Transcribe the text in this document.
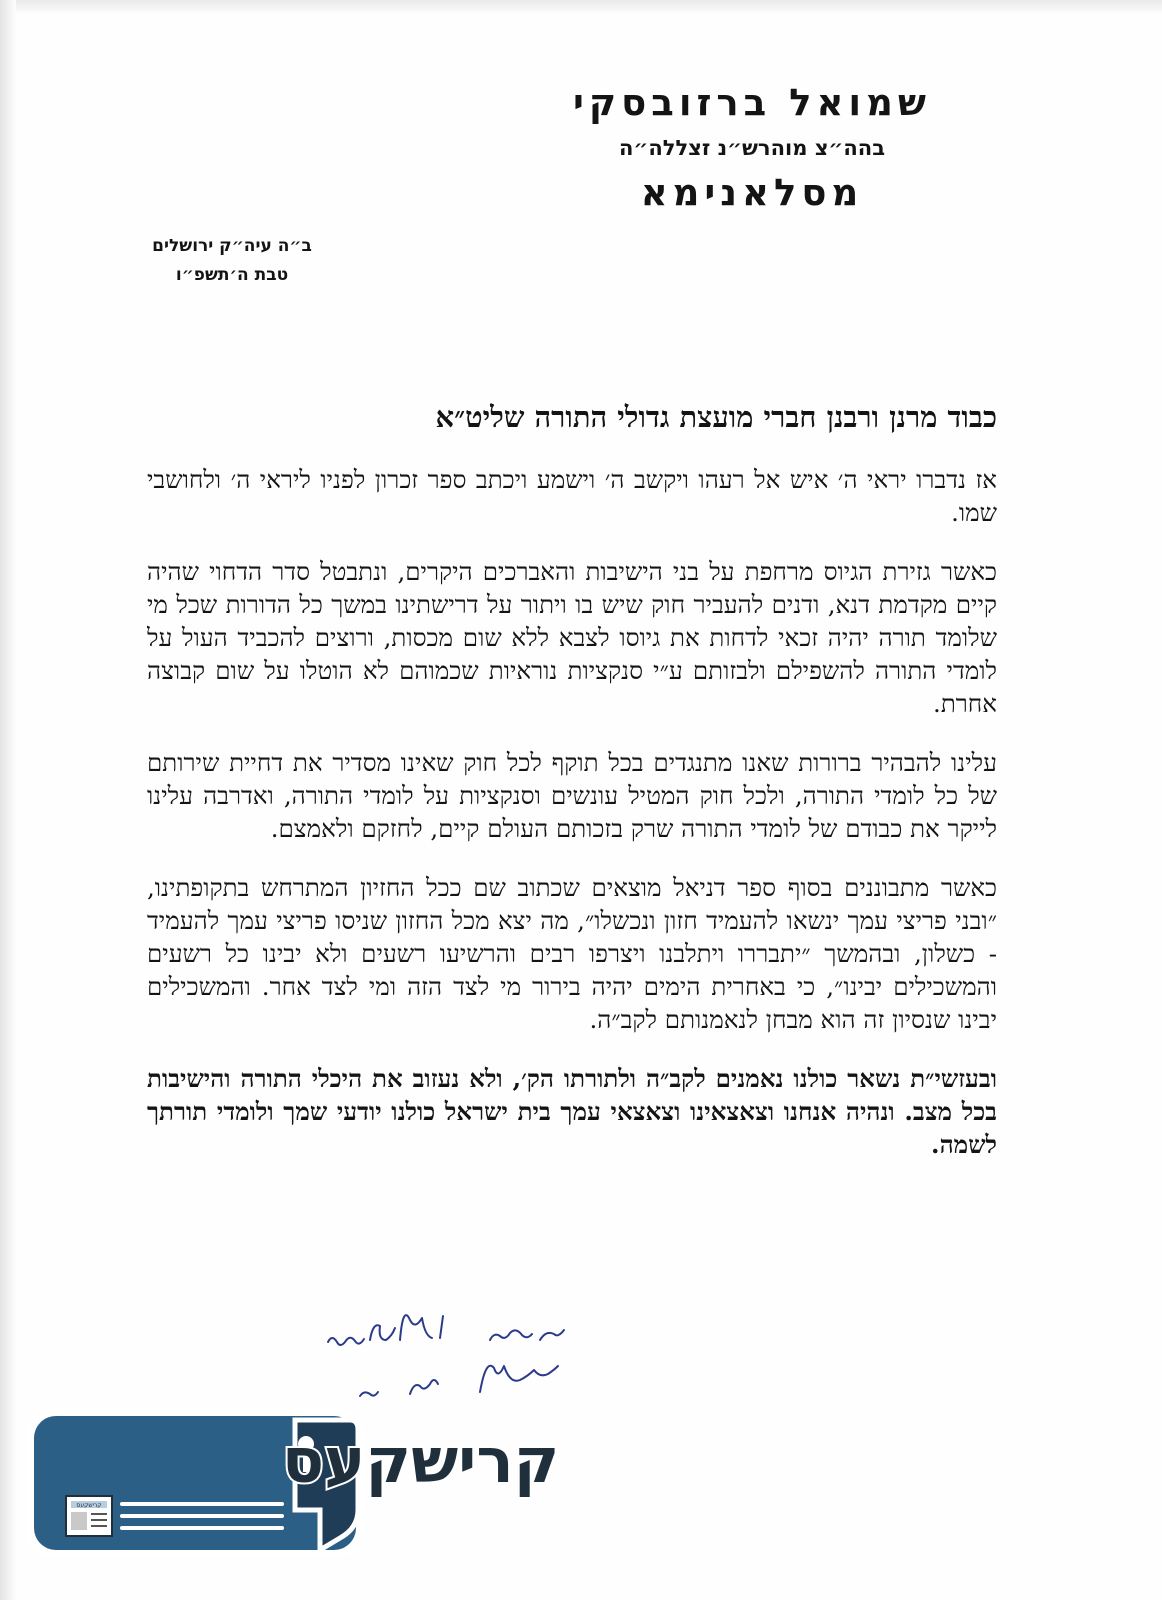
שמואל ברזובסקי
בהה״צ מוהרש״נ זצללה״ה
מסלאנימא
ב״ה עיה״ק ירושלים
טבת ה׳תשפ״ו
כבוד מרנן ורבנן חברי מועצת גדולי התורה שליט״א

אז נדברו יראי ה׳ איש אל רעהו ויקשב ה׳ וישמע ויכתב ספר זכרון לפניו ליראי ה׳ ולחושבי שמו.

כאשר גזירת הגיוס מרחפת על בני הישיבות והאברכים היקרים, ונתבטל סדר הדחוי שהיה קיים מקדמת דנא, ודנים להעביר חוק שיש בו ויתור על דרישתינו במשך כל הדורות שכל מי שלומד תורה יהיה זכאי לדחות את גיוסו לצבא ללא שום מכסות, ורוצים להכביד העול על לומדי התורה להשפילם ולבזותם ע״י סנקציות נוראיות שכמוהם לא הוטלו על שום קבוצה אחרת.

עלינו להבהיר ברורות שאנו מתנגדים בכל תוקף לכל חוק שאינו מסדיר את דחיית שירותם של כל לומדי התורה, ולכל חוק המטיל עונשים וסנקציות על לומדי התורה, ואדרבה עלינו לייקר את כבודם של לומדי התורה שרק בזכותם העולם קיים, לחזקם ולאמצם.

כאשר מתבוננים בסוף ספר דניאל מוצאים שכתוב שם ככל החזיון המתרחש בתקופתינו, ״ובני פריצי עמך ינשאו להעמיד חזון ונכשלו״, מה יצא מכל החזון שניסו פריצי עמך להעמיד - כשלון, ובהמשך ״יתבררו ויתלבנו ויצרפו רבים והרשיעו רשעים ולא יבינו כל רשעים והמשכילים יבינו״, כי באחרית הימים יהיה בירור מי לצד הזה ומי לצד אחר. והמשכילים יבינו שנסיון זה הוא מבחן לנאמנותם לקב״ה.

ובעזשי״ת נשאר כולנו נאמנים לקב״ה ולתורתו הק׳, ולא נעזוב את היכלי התורה והישיבות בכל מצב. ונהיה אנחנו וצאצאינו וצאצאי עמך בית ישראל כולנו יודעי שמך ולומדי תורתך לשמה.

קרישקעס
קרישקעס
